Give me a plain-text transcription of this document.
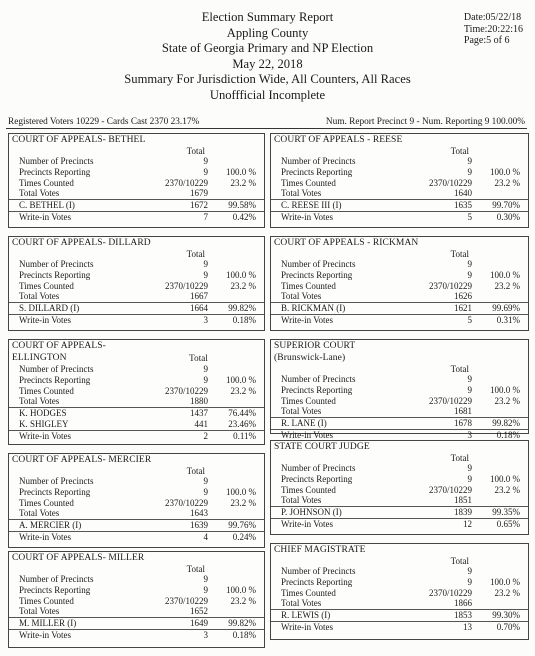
Election Summary Report
Appling County
State of Georgia Primary and NP Election
May 22, 2018
Summary For Jurisdiction Wide, All Counters, All Races
Unoffficial Incomplete
Date:05/22/18
Time:20:22:16
Page:5 of 6
Registered Voters 10229 - Cards Cast 2370 23.17%	Num. Report Precinct 9 - Num. Reporting 9 100.00%
COURT OF APPEALS- BETHEL
Total
Number of Precincts	9
Precincts Reporting	9 100.0 %
Times Counted	2370/10229	23.2 %
Total Votes	1679
C. BETHEL (I)	1672 99.58%
Write-in Votes	7	0.42%
COURT OF APPEALS- DILLARD
Total
Number of Precincts	9
Precincts Reporting	9 100.0 %
Times Counted	2370/10229	23.2 %
Total Votes	1667
S. DILLARD (I)	1664 99.82%
Write-in Votes	3	0.18%
COURT OF APPEALS-
ELLINGTON	Total
Number of Precincts	9
Precincts Reporting	9 100.0 %
Times Counted	2370/10229	23.2 %
Total Votes	1880
K. HODGES	1437 76.44%
K. SHIGLEY	441 23.46%
Write-in Votes	2	0.11%
COURT OF APPEALS- MERCIER
Total
Number of Precincts	9
Precincts Reporting	9 100.0 %
Times Counted	2370/10229	23.2 %
Total Votes	1643
A. MERCIER (I)	1639 99.76%
Write-in Votes	4	0.24%
COURT OF APPEALS- MILLER
Total
Number of Precincts	9
Precincts Reporting	9 100.0 %
Times Counted	2370/10229	23.2 %
Total Votes	1652
M. MILLER (I)	1649 99.82%
Write-in Votes	3	0.18%
COURT OF APPEALS - REESE
Total
Number of Precincts	9
Precincts Reporting	9 100.0 %
Times Counted	2370/10229	23.2 %
Total Votes	1640
C. REESE III (I)	1635 99.70%
Write-in Votes	5	0.30%
COURT OF APPEALS - RICKMAN
Total
Number of Precincts	9
Precincts Reporting	9 100.0 %
Times Counted	2370/10229	23.2 %
Total Votes	1626
B. RICKMAN (I)	1621 99.69%
Write-in Votes	5	0.31%
SUPERIOR COURT
(Brunswick-Lane)
Total
Number of Precincts	9
Precincts Reporting	9 100.0 %
Times Counted	2370/10229	23.2 %
Total Votes	1681
R. LANE (I)	1678 99.82%
Write-in Votes	3	0.18%
STATE COURT JUDGE
Total
Number of Precincts	9
Precincts Reporting	9 100.0 %
Times Counted	2370/10229	23.2 %
Total Votes	1851
P. JOHNSON (I)	1839 99.35%
Write-in Votes	12	0.65%
CHIEF MAGISTRATE
Total
Number of Precincts	9
Precincts Reporting	9 100.0 %
Times Counted	2370/10229	23.2 %
Total Votes	1866
R. LEWIS (I)	1853 99.30%
Write-in Votes	13	0.70%
